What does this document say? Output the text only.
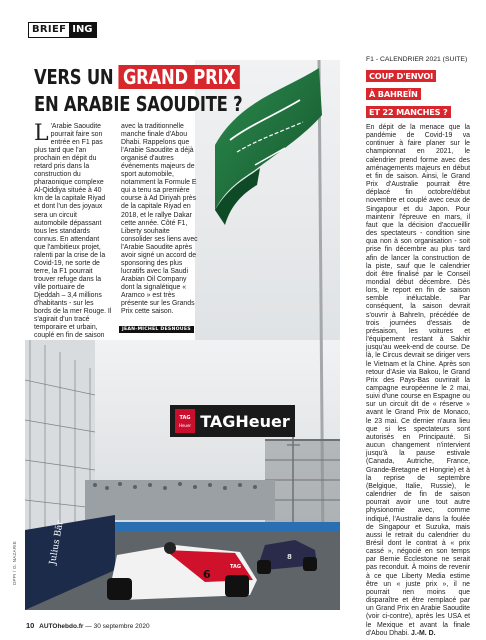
TAG
Heuer TAGHeuer
Julius Bär
6
TAG
8
BRIEF ING
VERS UN GRAND PRIX
EN ARABIE SAOUDITE ?
L 'Arabie Saoudite pourrait faire son entrée en F1 pas plus tard que l'an prochain en dépit du retard pris dans la construction du pharaonique complexe Al-Qiddiya située à 40 km de la capitale Riyad et dont l'un des joyaux sera un circuit automobile dépassant tous les standards connus. En attendant que l'ambitieux projet, ralenti par la crise de la Covid-19, ne sorte de terre, la F1 pourrait trouver refuge dans la ville portuaire de Djeddah – 3,4 millions d'habitants - sur les bords de la mer Rouge. Il s'agirait d'un tracé temporaire et urbain, couplé en fin de saison
avec la traditionnelle manche finale d'Abou Dhabi. Rappelons que l'Arabie Saoudite a déjà organisé d'autres événements majeurs de sport automobile, notamment la Formule E qui a tenu sa première course à Ad Diriyah près de la capitale Riyad en 2018, et le rallye Dakar cette année. Côté F1, Liberty souhaite consolider ses liens avec l'Arabie Saoudite après avoir signé un accord de sponsoring des plus lucratifs avec la Saudi Arabian Oil Company dont la signalétique « Aramco » est très présente sur les Grands Prix cette saison.
JEAN-MICHEL DESNOUES
F1 - CALENDRIER 2021 (SUITE)
COUP D'ENVOI
À BAHREÏN
ET 22 MANCHES ?
En dépit de la menace que la pandémie de Covid-19 va continuer à faire planer sur le championnat en 2021, le calendrier prend forme avec des aménagements majeurs en début et fin de saison. Ainsi, le Grand Prix d'Australie pourrait être déplacé fin octobre/début novembre et couplé avec ceux de Singapour et du Japon. Pour maintenir l'épreuve en mars, il faut que la décision d'accueillir des spectateurs - condition sine qua non à son organisation - soit prise fin décembre au plus tard afin de lancer la construction de la piste, sauf que le calendrier doit être finalisé par le Conseil mondial début décembre. Dès lors, le report en fin de saison semble inéluctable. Par conséquent, la saison devrait s'ouvrir à Bahreïn, précédée de trois journées d'essais de présaison, les voitures et l'équipement restant à Sakhir jusqu'au week-end de course. De là, le Circus devrait se diriger vers le Vietnam et la Chine. Après son retour d'Asie via Bakou, le Grand Prix des Pays-Bas ouvrirait la campagne européenne le 2 mai, suivi d'une course en Espagne ou sur un circuit dit de « réserve » avant le Grand Prix de Monaco, le 23 mai. Ce dernier n'aura lieu que si les spectateurs sont autorisés en Principauté. Si aucun changement n'intervient jusqu'à la pause estivale (Canada, Autriche, France, Grande-Bretagne et Hongrie) et à la reprise de septembre (Belgique, Italie, Russie), le calendrier de fin de saison pourrait avoir une tout autre physionomie avec, comme indiqué, l'Australie dans la foulée de Singapour et Suzuka, mais aussi le retrait du calendrier du Brésil dont le contrat à « prix cassé », négocié en son temps par Bernie Ecclestone ne serait pas reconduit. À moins de revenir à ce que Liberty Media estime être un « juste prix », il ne pourrait rien moins que disparaître et être remplacé par un Grand Prix en Arabie Saoudite (voir ci-contre), après les USA et le Mexique et avant la finale d'Abou Dhabi. J.-M. D.
DPPI / G. NAZARIE
10 AUTOhebdo.fr — 30 septembre 2020
